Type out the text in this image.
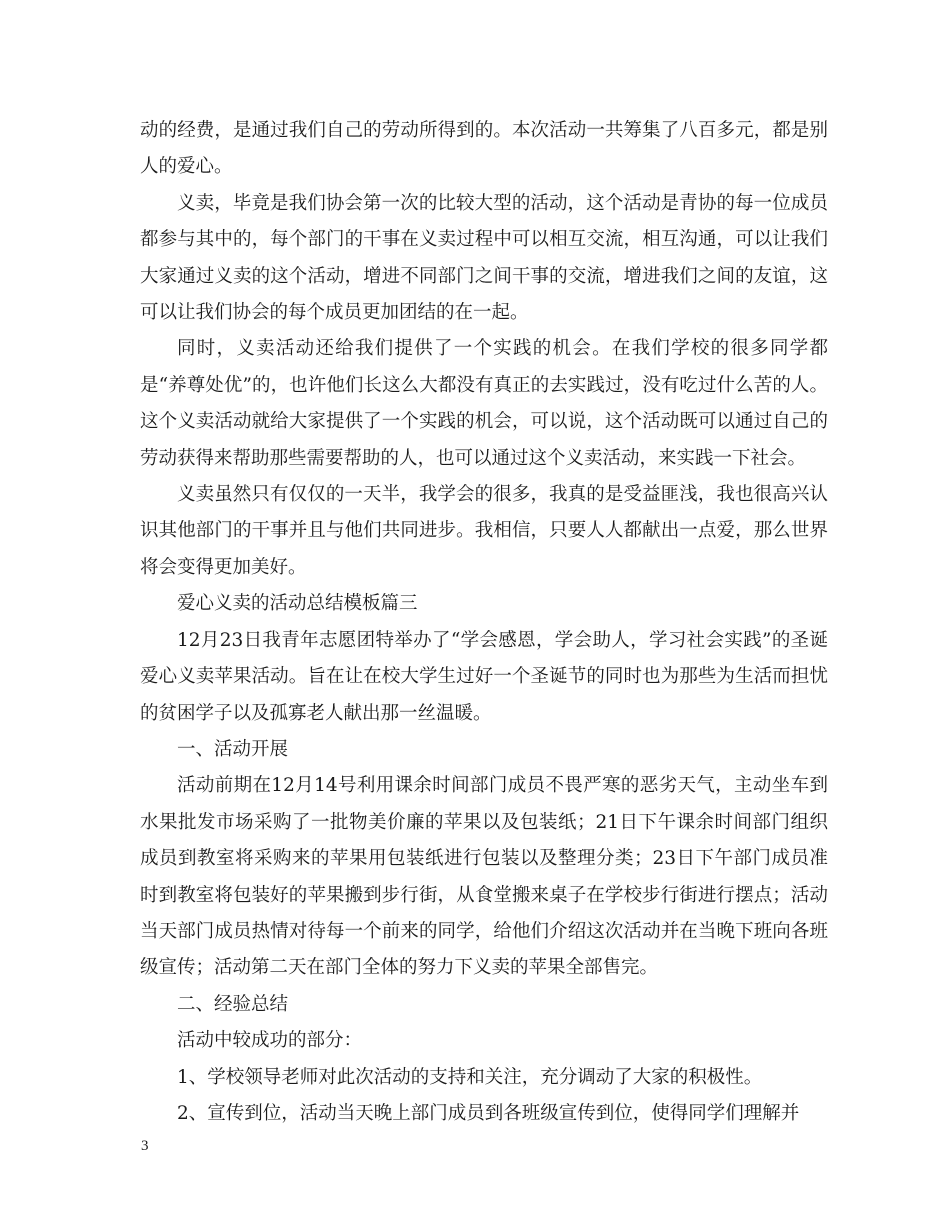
动的经费，是通过我们自己的劳动所得到的。本次活动一共筹集了八百多元，都是别人的爱心。

义卖，毕竟是我们协会第一次的比较大型的活动，这个活动是青协的每一位成员都参与其中的，每个部门的干事在义卖过程中可以相互交流，相互沟通，可以让我们大家通过义卖的这个活动，增进不同部门之间干事的交流，增进我们之间的友谊，这可以让我们协会的每个成员更加团结的在一起。

同时，义卖活动还给我们提供了一个实践的机会。在我们学校的很多同学都是“养尊处优”的，也许他们长这么大都没有真正的去实践过，没有吃过什么苦的人。这个义卖活动就给大家提供了一个实践的机会，可以说，这个活动既可以通过自己的劳动获得来帮助那些需要帮助的人，也可以通过这个义卖活动，来实践一下社会。

义卖虽然只有仅仅的一天半，我学会的很多，我真的是受益匪浅，我也很高兴认识其他部门的干事并且与他们共同进步。我相信，只要人人都献出一点爱，那么世界将会变得更加美好。

爱心义卖的活动总结模板篇三

12月23日我青年志愿团特举办了“学会感恩，学会助人，学习社会实践”的圣诞爱心义卖苹果活动。旨在让在校大学生过好一个圣诞节的同时也为那些为生活而担忧的贫困学子以及孤寡老人献出那一丝温暖。

一、活动开展

活动前期在12月14号利用课余时间部门成员不畏严寒的恶劣天气，主动坐车到水果批发市场采购了一批物美价廉的苹果以及包装纸；21日下午课余时间部门组织成员到教室将采购来的苹果用包装纸进行包装以及整理分类；23日下午部门成员准时到教室将包装好的苹果搬到步行街，从食堂搬来桌子在学校步行街进行摆点；活动当天部门成员热情对待每一个前来的同学，给他们介绍这次活动并在当晚下班向各班级宣传；活动第二天在部门全体的努力下义卖的苹果全部售完。

二、经验总结

活动中较成功的部分：

1、学校领导老师对此次活动的支持和关注，充分调动了大家的积极性。

2、宣传到位，活动当天晚上部门成员到各班级宣传到位，使得同学们理解并

3
